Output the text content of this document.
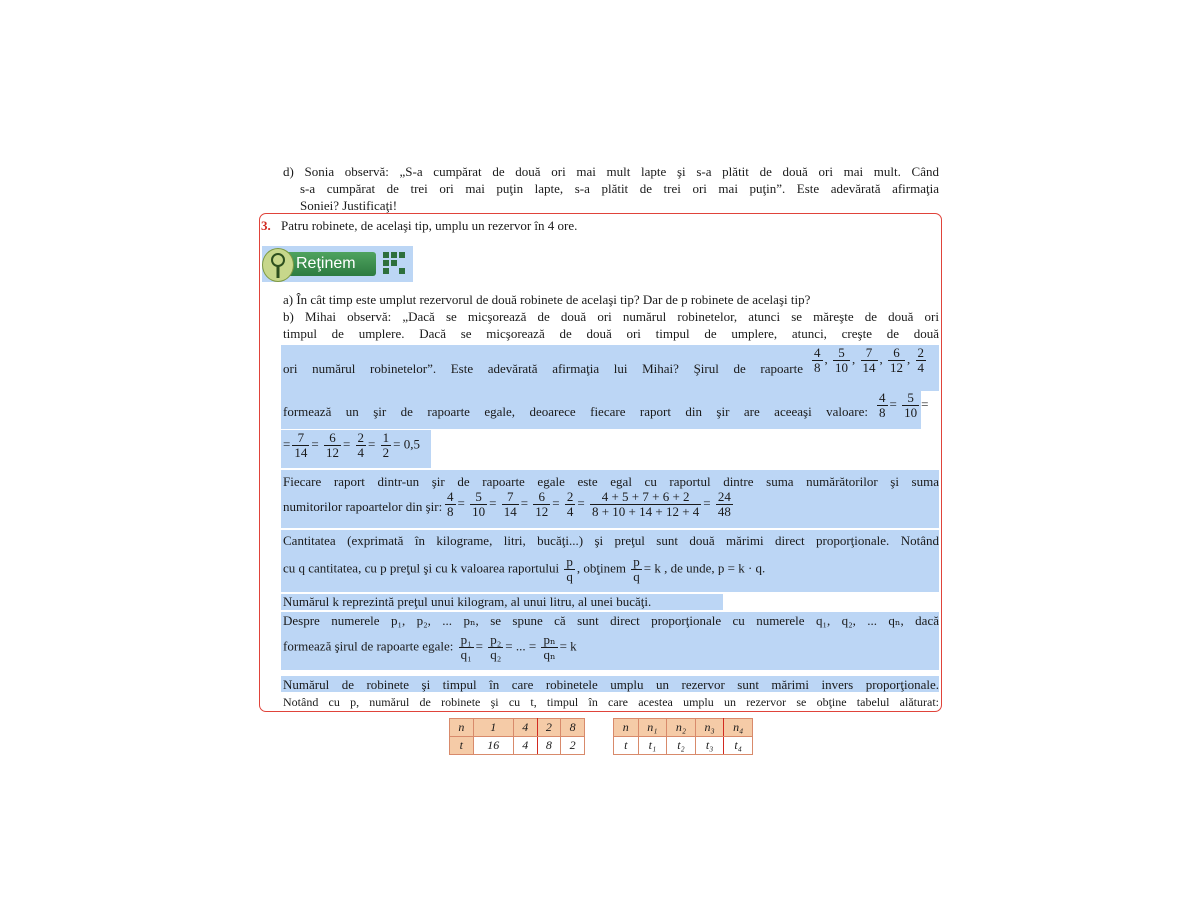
d) Sonia observă: „S-a cumpărat de două ori mai mult lapte şi s-a plătit de două ori mai mult. Când
s-a cumpărat de trei ori mai puţin lapte, s-a plătit de trei ori mai puţin”. Este adevărată afirmaţia
Soniei? Justificaţi!
3. Patru robinete, de acelaşi tip, umplu un rezervor în 4 ore.
Reţinem
a) În cât timp este umplut rezervorul de două robinete de acelaşi tip? Dar de p robinete de acelaşi tip?
b) Mihai observă: „Dacă se micşorează de două ori numărul robinetelor, atunci se măreşte de două ori
timpul de umplere. Dacă se micşorează de două ori timpul de umplere, atunci, creşte de două
ori numărul robinetelor”. Este adevărată afirmaţia lui Mihai? Şirul de rapoarte $\frac{4}{8}$ , $\frac{5}{10}$ , $\frac{7}{14}$ , $\frac{6}{12}$ , $\frac{2}{4}$
formează un şir de rapoarte egale, deoarece fiecare raport din şir are aceeaşi valoare: $\frac{4}{8} = \frac{5}{10}$ =
= $\frac{7}{14} = \frac{6}{12} = \frac{2}{4} = \frac{1}{2} = 0,5$
Fiecare raport dintr-un şir de rapoarte egale este egal cu raportul dintre suma numărătorilor şi suma
numitorilor rapoartelor din şir: $\frac{4}{8} = \frac{5}{10} = \frac{7}{14} = \frac{6}{12} = \frac{2}{4} = \frac{4 + 5 + 7 + 6 + 2}{8 + 10 + 14 + 12 + 4} = \frac{24}{48}$
Cantitatea (exprimată în kilograme, litri, bucăţi...) şi preţul sunt două mărimi direct proporţionale. Notând
cu q cantitatea, cu p preţul şi cu k valoarea raportului $\frac{p}{q}$ , obţinem $\frac{p}{q} = k$ , de unde, p = k · q.
Numărul k reprezintă preţul unui kilogram, al unui litru, al unei bucăţi.
Despre numerele p₁, p₂, ... pₙ, se spune că sunt direct proporţionale cu numerele q₁, q₂, ... qₙ, dacă
formează şirul de rapoarte egale: $\frac{\text{p₁}}{\text{q₁}} = \frac{\text{p₂}}{\text{q₂}}$ = ... = $\frac{\text{pₙ}}{\text{qₙ}} = k$
Numărul de robinete şi timpul în care robinetele umplu un rezervor sunt mărimi invers proporţionale.
Notând cu p, numărul de robinete şi cu t, timpul în care acestea umplu un rezervor se obţine tabelul alăturat:
n	1	4	2	8
t	16	4	8	2
n	n₁	n₂	n₃	n₄
t	t₁	t₂	t₃	t₄
